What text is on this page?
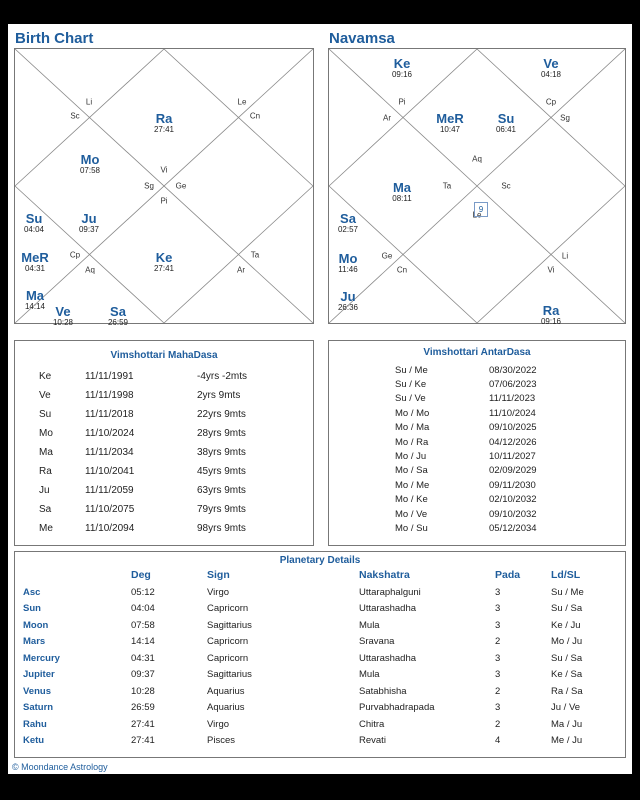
Birth Chart
Vi
Le
Cn
Ge
Ta
Ar
Pi
Aq
Cp
Sg
Sc
Li
Ra
27:41
Mo
07:58
Su
04:04
Ju
09:37
Ke
27:41
MeR
04:31
Ma
14:14 Ve
10:28
Sa
26:59
Navamsa
Aq
Cp
Sg
Sc
Li
Vi
Le
Cn
Ge
Ta
Ar
Pi
Ke
09:16
Ve
04:18
MeR
10:47
Su
06:41
Ma
08:11
Sa
02:57
Mo
11:46
Ju
26:36	Ra
09:16
9
Vimshottari MahaDasa
Ke	11/11/1991	-4yrs -2mts
Ve	11/11/1998	2yrs 9mts
Su	11/11/2018	22yrs 9mts
Mo	11/10/2024	28yrs 9mts
Ma	11/11/2034	38yrs 9mts
Ra	11/10/2041	45yrs 9mts
Ju	11/11/2059	63yrs 9mts
Sa	11/10/2075	79yrs 9mts
Me	11/10/2094	98yrs 9mts
Vimshottari AntarDasa
Su / Me	08/30/2022
Su / Ke	07/06/2023
Su / Ve	11/11/2023
Mo / Mo	11/10/2024
Mo / Ma	09/10/2025
Mo / Ra	04/12/2026
Mo / Ju	10/11/2027
Mo / Sa	02/09/2029
Mo / Me	09/11/2030
Mo / Ke	02/10/2032
Mo / Ve	09/10/2032
Mo / Su	05/12/2034
Planetary Details
	Deg	Sign	Nakshatra	Pada	Ld/SL
Asc	05:12	Virgo	Uttaraphalguni	3	Su / Me
Sun	04:04	Capricorn	Uttarashadha	3	Su / Sa
Moon	07:58	Sagittarius	Mula	3	Ke / Ju
Mars	14:14	Capricorn	Sravana	2	Mo / Ju
Mercury	04:31	Capricorn	Uttarashadha	3	Su / Sa
Jupiter	09:37	Sagittarius	Mula	3	Ke / Sa
Venus	10:28	Aquarius	Satabhisha	2	Ra / Sa
Saturn	26:59	Aquarius	Purvabhadrapada	3	Ju / Ve
Rahu	27:41	Virgo	Chitra	2	Ma / Ju
Ketu	27:41	Pisces	Revati	4	Me / Ju
© Moondance Astrology
